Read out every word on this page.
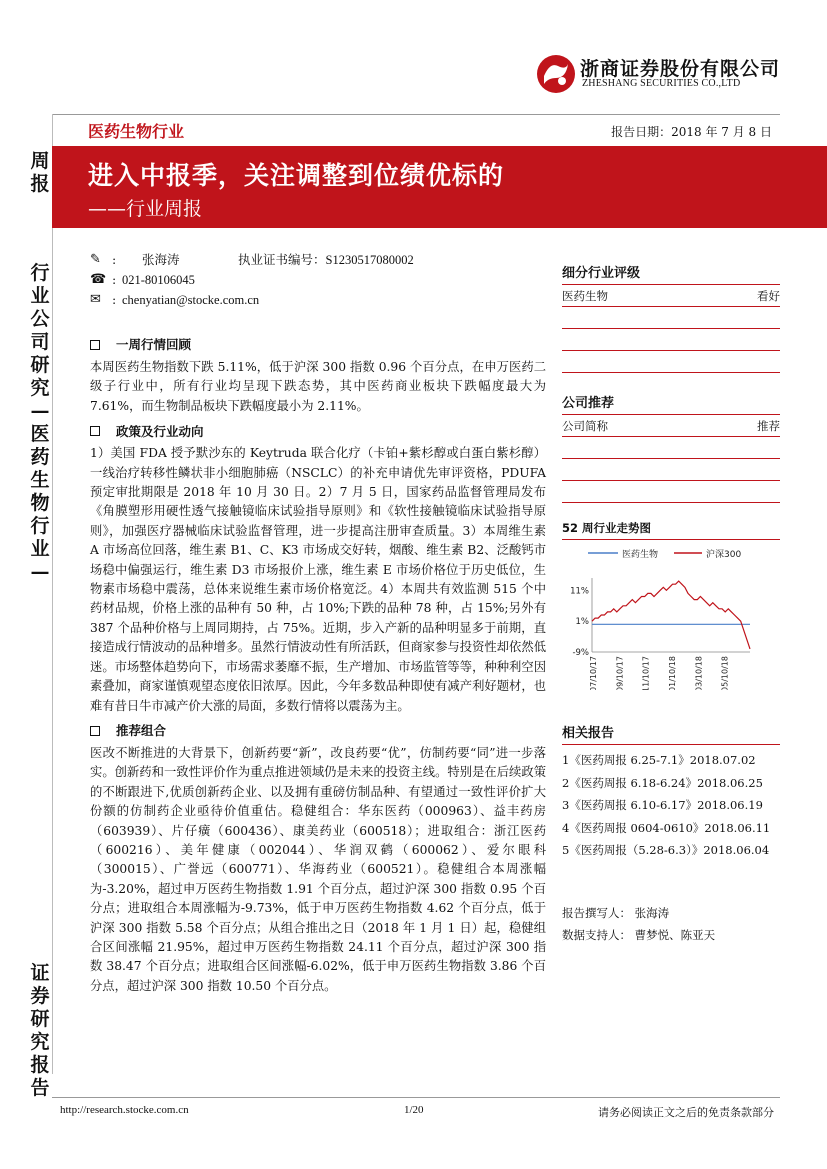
浙商证券股份有限公司
ZHESHANG SECURITIES CO.,LTD
医药生物行业	报告日期：2018 年 7 月 8 日
周
报
行
业
公
司
研
究
—
医
药
生
物
行
业
—
证
券
研
究
报
告
进入中报季，关注调整到位绩优标的
——行业周报
✎ :	张海涛	执业证书编号： S1230517080002
☎ : 021-80106045
✉ : chenyatian@stocke.com.cn
一周行情回顾
本周医药生物指数下跌 5.11%，低于沪深 300 指数 0.96 个百分点，在申万医药二级子行业中，所有行业均呈现下跌态势，其中医药商业板块下跌幅度最大为 7.61%，而生物制品板块下跌幅度最小为 2.11%。
政策及行业动向
1）美国 FDA 授予默沙东的 Keytruda 联合化疗（卡铂+紫杉醇或白蛋白紫杉醇）一线治疗转移性鳞状非小细胞肺癌（NSCLC）的补充申请优先审评资格，PDUFA 预定审批期限是 2018 年 10 月 30 日。2）7 月 5 日，国家药品监督管理局发布《角膜塑形用硬性透气接触镜临床试验指导原则》和《软性接触镜临床试验指导原则》，加强医疗器械临床试验监督管理，进一步提高注册审查质量。3）本周维生素 A 市场高位回落，维生素 B1、C、K3 市场成交好转，烟酸、维生素 B2、泛酸钙市场稳中偏强运行，维生素 D3 市场报价上涨，维生素 E 市场价格位于历史低位，生物素市场稳中震荡，总体来说维生素市场价格宽泛。4）本周共有效监测 515 个中药材品规，价格上涨的品种有 50 种，占 10%;下跌的品种 78 种，占 15%;另外有 387 个品种价格与上周同期持，占 75%。近期，步入产新的品种明显多于前期，直接造成行情波动的品种增多。虽然行情波动性有所活跃，但商家参与投资性却依然低迷。市场整体趋势向下，市场需求萎靡不振，生产增加、市场监管等等，种种利空因素叠加，商家谨慎观望态度依旧浓厚。因此，今年多数品种即使有减产利好题材，也难有昔日牛市减产价大涨的局面，多数行情将以震荡为主。
推荐组合
医改不断推进的大背景下，创新药要“新”，改良药要“优”，仿制药要“同”进一步落实。创新药和一致性评价作为重点推进领域仍是未来的投资主线。特别是在后续政策的不断跟进下,优质创新药企业、以及拥有重磅仿制品种、有望通过一致性评价扩大份额的仿制药企业亟待价值重估。稳健组合：华东医药（000963）、益丰药房（603939）、片仔癀（600436）、康美药业（600518）；进取组合：浙江医药（600216）、美年健康（002044）、华润双鹤（600062）、爱尔眼科（300015）、广誉远（600771）、华海药业（600521）。稳健组合本周涨幅为-3.20%，超过申万医药生物指数 1.91 个百分点，超过沪深 300 指数 0.95 个百分点；进取组合本周涨幅为-9.73%，低于申万医药生物指数 4.62 个百分点，低于沪深 300 指数 5.58 个百分点；从组合推出之日（2018 年 1 月 1 日）起，稳健组合区间涨幅 21.95%，超过申万医药生物指数 24.11 个百分点，超过沪深 300 指数 38.47 个百分点；进取组合区间涨幅-6.02%，低于申万医药生物指数 3.86 个百分点，超过沪深 300 指数 10.50 个百分点。
细分行业评级
医药生物	看好
公司推荐
公司简称	推荐
52 周行业走势图
医药生物	沪深300
11%
1%
-9%
07/10/17 09/10/17 11/10/17 01/10/18 03/10/18 05/10/18
相关报告
1《医药周报 6.25-7.1》2018.07.02
2《医药周报 6.18-6.24》2018.06.25
3《医药周报 6.10-6.17》2018.06.19
4《医药周报 0604-0610》2018.06.11
5《医药周报（5.28-6.3）》2018.06.04
报告撰写人： 张海涛
数据支持人： 曹梦悦、陈亚天
http://research.stocke.com.cn	1/20	请务必阅读正文之后的免责条款部分
